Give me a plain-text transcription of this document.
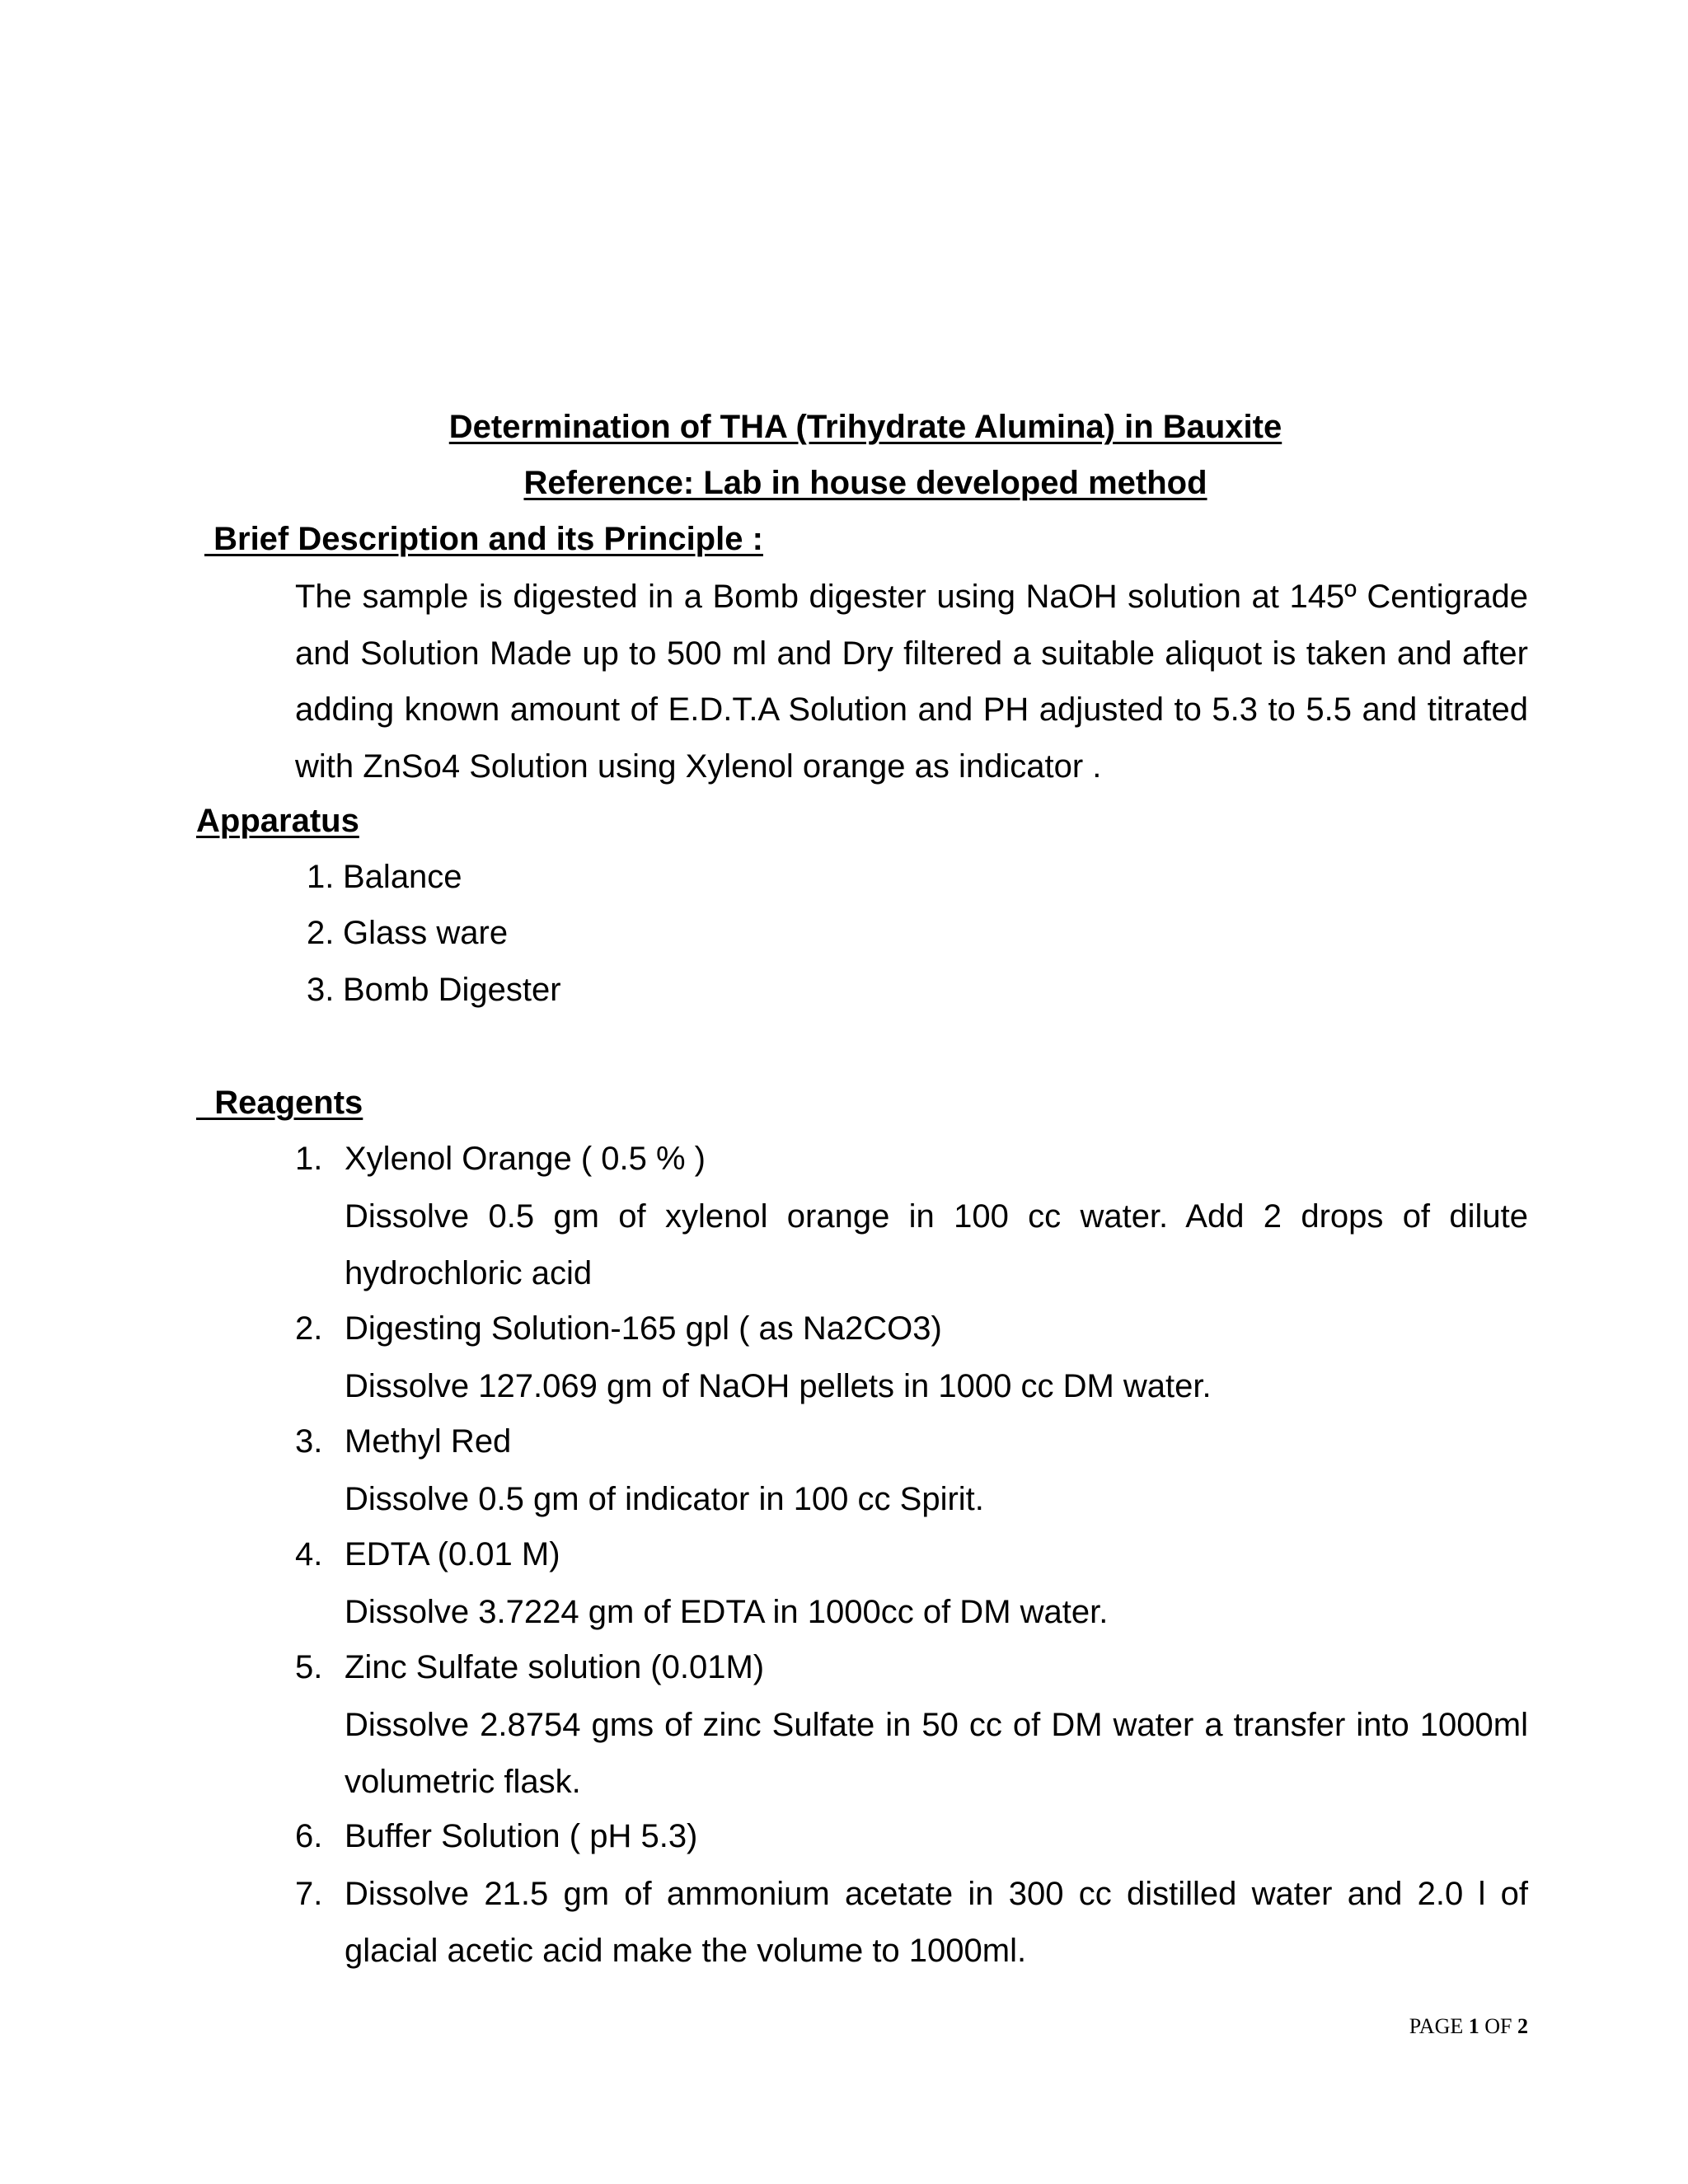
Determination of THA (Trihydrate Alumina) in Bauxite
Reference: Lab in house developed method
Brief Description and its Principle :

The sample is digested in a Bomb digester using NaOH solution at 145º Centigrade and Solution Made up to 500 ml and Dry filtered a suitable aliquot is taken and after adding known amount of E.D.T.A Solution and PH adjusted to 5.3 to 5.5 and titrated with ZnSo4 Solution using Xylenol orange as indicator .

Apparatus

1. Balance

2. Glass ware

3. Bomb Digester

Reagents
1. Xylenol Orange ( 0.5 % )

Dissolve 0.5 gm of xylenol orange in 100 cc water. Add 2 drops of dilute hydrochloric acid

2. Digesting Solution-165 gpl ( as Na2CO3)

Dissolve 127.069 gm of NaOH pellets in 1000 cc DM water.

3. Methyl Red

Dissolve 0.5 gm of indicator in 100 cc Spirit.

4. EDTA (0.01 M)

Dissolve 3.7224 gm of EDTA in 1000cc of DM water.

5. Zinc Sulfate solution (0.01M)

Dissolve 2.8754 gms of zinc Sulfate in 50 cc of DM water a transfer into 1000ml volumetric flask.

6. Buffer Solution ( pH 5.3)
7. Dissolve 21.5 gm of ammonium acetate in 300 cc distilled water and 2.0 l of glacial acetic acid make the volume to 1000ml.

PAGE 1 OF 2
